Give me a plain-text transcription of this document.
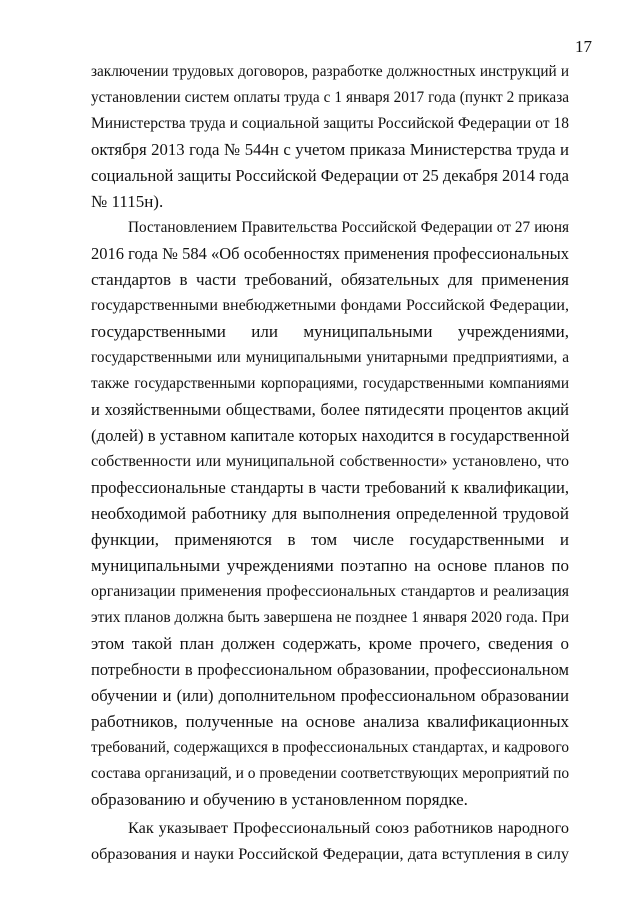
17
заключении трудовых договоров, разработке должностных инструкций и
установлении систем оплаты труда с 1 января 2017 года (пункт 2 приказа
Министерства труда и социальной защиты Российской Федерации от 18
октября 2013 года № 544н с учетом приказа Министерства труда и
социальной защиты Российской Федерации от 25 декабря 2014 года
№ 1115н).
Постановлением Правительства Российской Федерации от 27 июня
2016 года № 584 «Об особенностях применения профессиональных
стандартов в части требований, обязательных для применения
государственными внебюджетными фондами Российской Федерации,
государственными или муниципальными учреждениями,
государственными или муниципальными унитарными предприятиями, а
также государственными корпорациями, государственными компаниями
и хозяйственными обществами, более пятидесяти процентов акций
(долей) в уставном капитале которых находится в государственной
собственности или муниципальной собственности» установлено, что
профессиональные стандарты в части требований к квалификации,
необходимой работнику для выполнения определенной трудовой
функции, применяются в том числе государственными и
муниципальными учреждениями поэтапно на основе планов по
организации применения профессиональных стандартов и реализация
этих планов должна быть завершена не позднее 1 января 2020 года. При
этом такой план должен содержать, кроме прочего, сведения о
потребности в профессиональном образовании, профессиональном
обучении и (или) дополнительном профессиональном образовании
работников, полученные на основе анализа квалификационных
требований, содержащихся в профессиональных стандартах, и кадрового
состава организаций, и о проведении соответствующих мероприятий по
образованию и обучению в установленном порядке.
Как указывает Профессиональный союз работников народного
образования и науки Российской Федерации, дата вступления в силу
